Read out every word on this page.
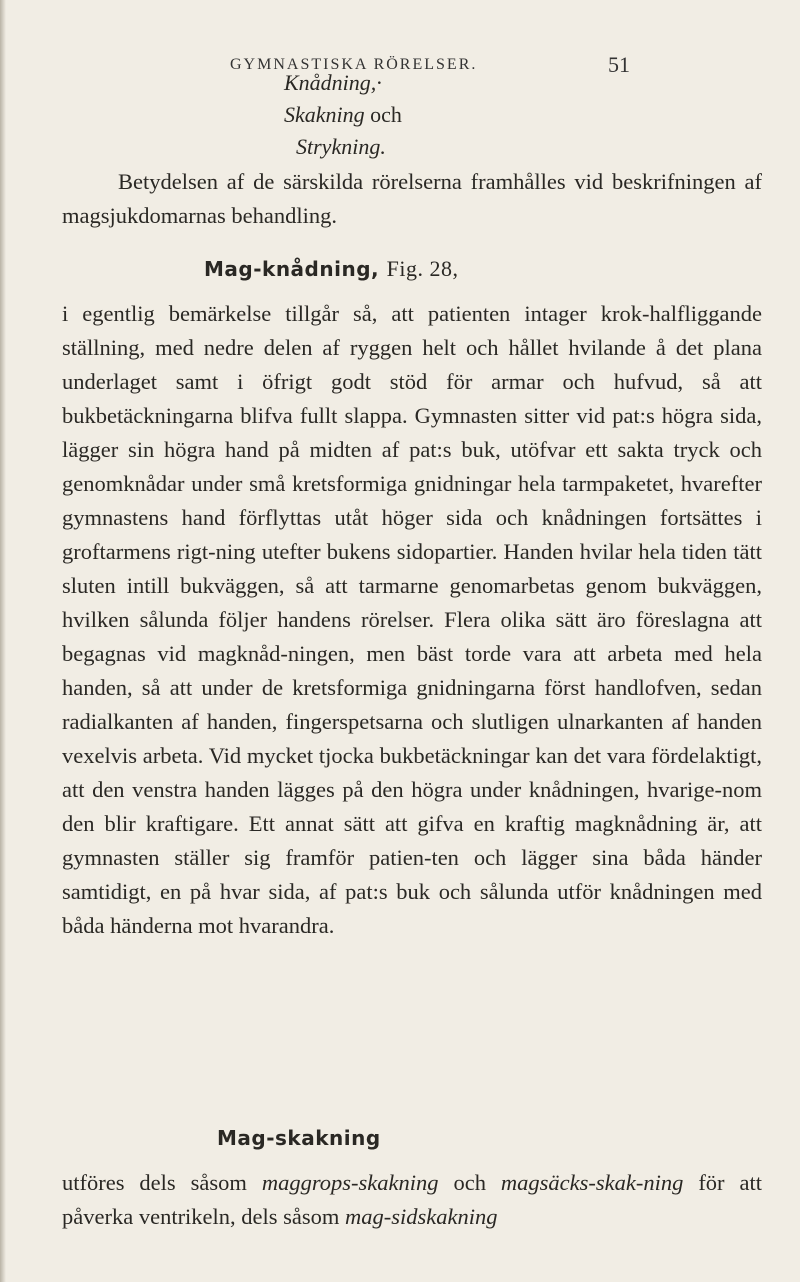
GYMNASTISKA RÖRELSER.	51
Knådning,·
Skakning och
Strykning.
Betydelsen af de särskilda rörelserna framhålles vid beskrifningen af magsjukdomarnas behandling.
Mag-knådning, Fig. 28,
i egentlig bemärkelse tillgår så, att patienten intager krok-halfliggande ställning, med nedre delen af ryggen helt och hållet hvilande å det plana underlaget samt i öfrigt godt stöd för armar och hufvud, så att bukbetäckningarna blifva fullt slappa. Gymnasten sitter vid pat:s högra sida, lägger sin högra hand på midten af pat:s buk, utöfvar ett sakta tryck och genomknådar under små kretsformiga gnidningar hela tarmpaketet, hvarefter gymnastens hand förflyttas utåt höger sida och knådningen fortsättes i groftarmens rigt-ning utefter bukens sidopartier. Handen hvilar hela tiden tätt sluten intill bukväggen, så att tarmarne genomarbetas genom bukväggen, hvilken sålunda följer handens rörelser. Flera olika sätt äro föreslagna att begagnas vid magknåd-ningen, men bäst torde vara att arbeta med hela handen, så att under de kretsformiga gnidningarna först handlofven, sedan radialkanten af handen, fingerspetsarna och slutligen ulnarkanten af handen vexelvis arbeta. Vid mycket tjocka bukbetäckningar kan det vara fördelaktigt, att den venstra handen lägges på den högra under knådningen, hvarige-nom den blir kraftigare. Ett annat sätt att gifva en kraftig magknådning är, att gymnasten ställer sig framför patien-ten och lägger sina båda händer samtidigt, en på hvar sida, af pat:s buk och sålunda utför knådningen med båda händerna mot hvarandra.
Mag-skakning
utföres dels såsom maggrops-skakning och magsäcks-skak-ning för att påverka ventrikeln, dels såsom mag-sidskakning
